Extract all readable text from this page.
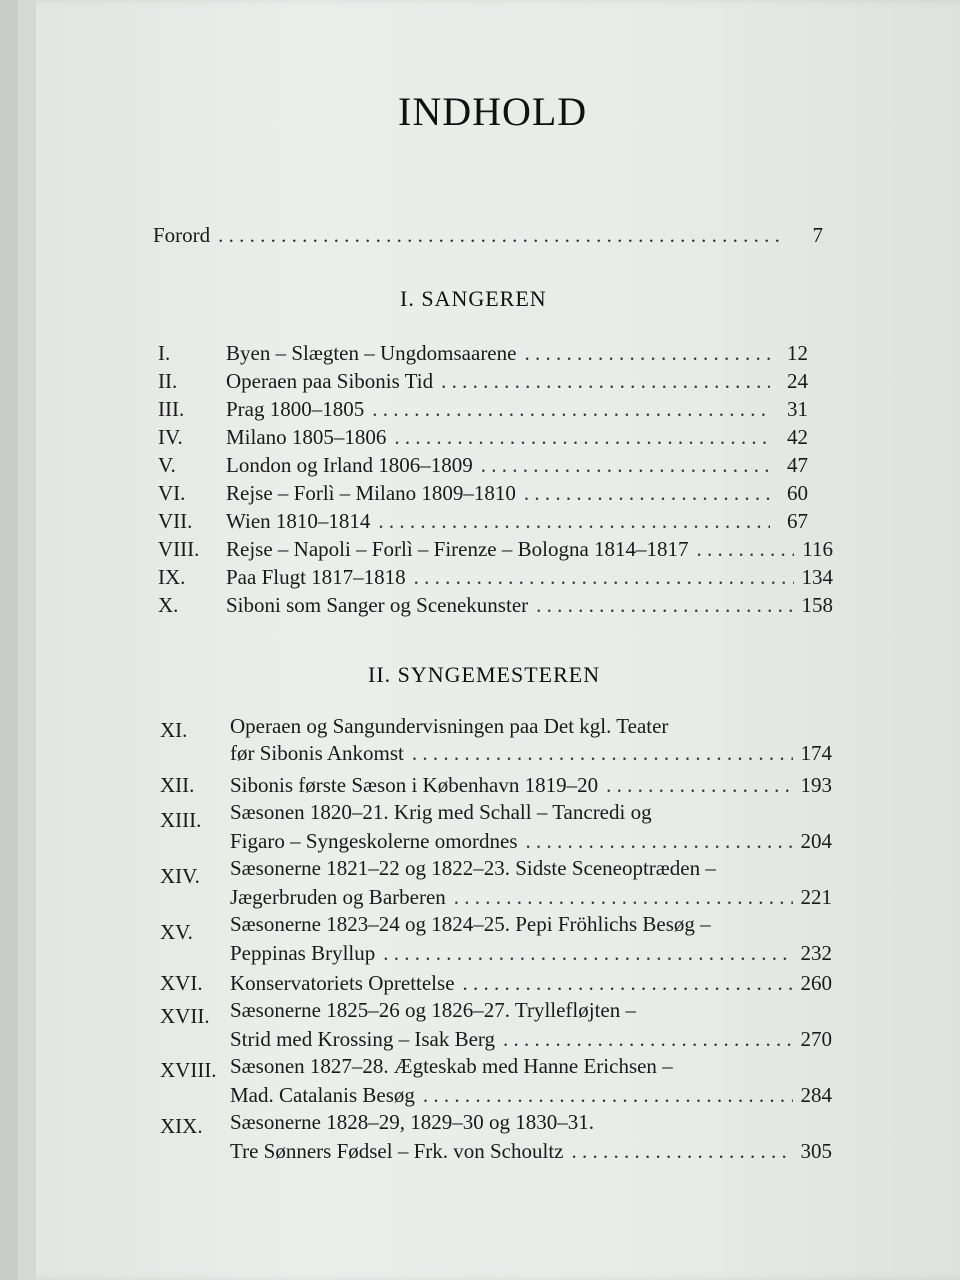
INDHOLD
Forord . . .	7
I. SANGEREN
I.	Byen – Slægten – Ungdomsaarene . . .	12
II.	Operaen paa Sibonis Tid . . .	24
III.	Prag 1800–1805 . . .	31
IV.	Milano 1805–1806 . . .	42
V.	London og Irland 1806–1809 . . .	47
VI.	Rejse – Forlì – Milano 1809–1810 . . .	60
VII.	Wien 1810–1814 . . .	67
VIII.	Rejse – Napoli – Forlì – Firenze – Bologna 1814–1817 . . .	116
IX.	Paa Flugt 1817–1818 . . .	134
X.	Siboni som Sanger og Scenekunster . . .	158
II. SYNGEMESTEREN
XI. Operaen og Sangundervisningen paa Det kgl. Teater
før Sibonis Ankomst . . .	174
XII.	Sibonis første Sæson i København 1819–20 . . .	193
XIII. Sæsonen 1820–21. Krig med Schall – Tancredi og
Figaro – Syngeskolerne omordnes . . .	204
XIV. Sæsonerne 1821–22 og 1822–23. Sidste Sceneoptræden –
Jægerbruden og Barberen . . .	221
XV. Sæsonerne 1823–24 og 1824–25. Pepi Fröhlichs Besøg –
Peppinas Bryllup . . .	232
XVI.	Konservatoriets Oprettelse . . .	260
XVII. Sæsonerne 1825–26 og 1826–27. Tryllefløjten –
Strid med Krossing – Isak Berg . . .	270
XVIII. Sæsonen 1827–28. Ægteskab med Hanne Erichsen –
Mad. Catalanis Besøg . . .	284
XIX. Sæsonerne 1828–29, 1829–30 og 1830–31.
Tre Sønners Fødsel – Frk. von Schoultz . . .	305
